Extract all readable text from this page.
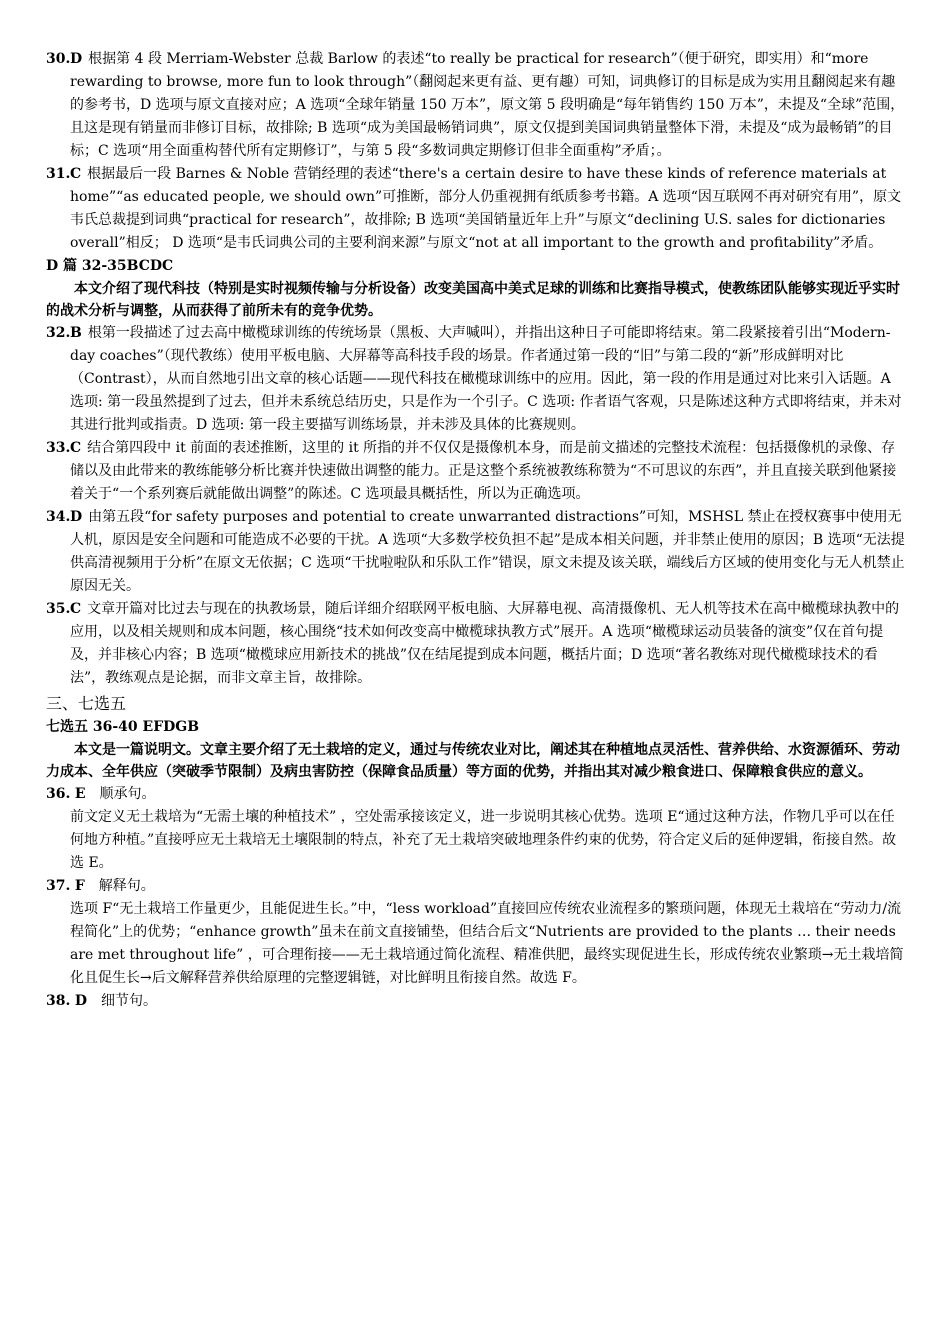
30. D 根据第 4 段 Merriam-Webster 总裁 Barlow 的表述“to really be practical for research”（便于研究，即实用）和“more rewarding to browse, more fun to look through”（翻阅起来更有益、更有趣）可知，词典修订的目标是成为实用且翻阅起来有趣的参考书，D 选项与原文直接对应；A 选项“全球年销量 150 万本”，原文第 5 段明确是“每年销售约 150 万本”，未提及“全球”范围，且这是现有销量而非修订目标，故排除; B 选项“成为美国最畅销词典”，原文仅提到美国词典销量整体下滑，未提及“成为最畅销”的目标；C 选项“用全面重构替代所有定期修订”，与第 5 段“多数词典定期修订但非全面重构”矛盾；。

31. C 根据最后一段 Barnes & Noble 营销经理的表述“there's a certain desire to have these kinds of reference materials at home”“as educated people, we should own”可推断，部分人仍重视拥有纸质参考书籍。A 选项“因互联网不再对研究有用”，原文韦氏总裁提到词典“practical for research”，故排除; B 选项“美国销量近年上升”与原文“declining U.S. sales for dictionaries overall”相反； D 选项“是韦氏词典公司的主要利润来源”与原文“not at all important to the growth and profitability”矛盾。

D 篇 32-35BCDC

本文介绍了现代科技（特别是实时视频传输与分析设备）改变美国高中美式足球的训练和比赛指导模式，使教练团队能够实现近乎实时的战术分析与调整，从而获得了前所未有的竞争优势。

32. B 根第一段描述了过去高中橄榄球训练的传统场景（黑板、大声喊叫），并指出这种日子可能即将结束。第二段紧接着引出“Modern-day coaches”（现代教练）使用平板电脑、大屏幕等高科技手段的场景。作者通过第一段的“旧”与第二段的“新”形成鲜明对比（Contrast），从而自然地引出文章的核心话题——现代科技在橄榄球训练中的应用。因此，第一段的作用是通过对比来引入话题。A 选项: 第一段虽然提到了过去，但并未系统总结历史，只是作为一个引子。C 选项: 作者语气客观，只是陈述这种方式即将结束，并未对其进行批判或指责。D 选项: 第一段主要描写训练场景，并未涉及具体的比赛规则。

33. C 结合第四段中 it 前面的表述推断，这里的 it 所指的并不仅仅是摄像机本身，而是前文描述的完整技术流程：包括摄像机的录像、存储以及由此带来的教练能够分析比赛并快速做出调整的能力。正是这整个系统被教练称赞为“不可思议的东西”，并且直接关联到他紧接着关于“一个系列赛后就能做出调整”的陈述。C 选项最具概括性，所以为正确选项。

34. D 由第五段“for safety purposes and potential to create unwarranted distractions”可知，MSHSL 禁止在授权赛事中使用无人机，原因是安全问题和可能造成不必要的干扰。A 选项“大多数学校负担不起”是成本相关问题，并非禁止使用的原因；B 选项“无法提供高清视频用于分析”在原文无依据；C 选项“干扰啦啦队和乐队工作”错误，原文未提及该关联，端线后方区域的使用变化与无人机禁止原因无关。

35. C 文章开篇对比过去与现在的执教场景，随后详细介绍联网平板电脑、大屏幕电视、高清摄像机、无人机等技术在高中橄榄球执教中的应用，以及相关规则和成本问题，核心围绕“技术如何改变高中橄榄球执教方式”展开。A 选项“橄榄球运动员装备的演变”仅在首句提及，并非核心内容；B 选项“橄榄球应用新技术的挑战”仅在结尾提到成本问题，概括片面；D 选项“著名教练对现代橄榄球技术的看法”，教练观点是论据，而非文章主旨，故排除。

三、七选五

七选五 36-40 EFDGB

本文是一篇说明文。文章主要介绍了无土栽培的定义，通过与传统农业对比，阐述其在种植地点灵活性、营养供给、水资源循环、劳动力成本、全年供应（突破季节限制）及病虫害防控（保障食品质量）等方面的优势，并指出其对减少粮食进口、保障粮食供应的意义。

36. E 顺承句。

前文定义无土栽培为“无需土壤的种植技术” ，空处需承接该定义，进一步说明其核心优势。选项 E“通过这种方法，作物几乎可以在任何地方种植。”直接呼应无土栽培无土壤限制的特点，补充了无土栽培突破地理条件约束的优势，符合定义后的延伸逻辑，衔接自然。故选 E。

37. F 解释句。

选项 F“无土栽培工作量更少，且能促进生长。”中，“less workload”直接回应传统农业流程多的繁琐问题，体现无土栽培在“劳动力/流程简化”上的优势；“enhance growth”虽未在前文直接铺垫，但结合后文“Nutrients are provided to the plants … their needs are met throughout life” ，可合理衔接——无土栽培通过简化流程、精准供肥，最终实现促进生长，形成传统农业繁琐→无土栽培简化且促生长→后文解释营养供给原理的完整逻辑链，对比鲜明且衔接自然。故选 F。

38. D 细节句。
